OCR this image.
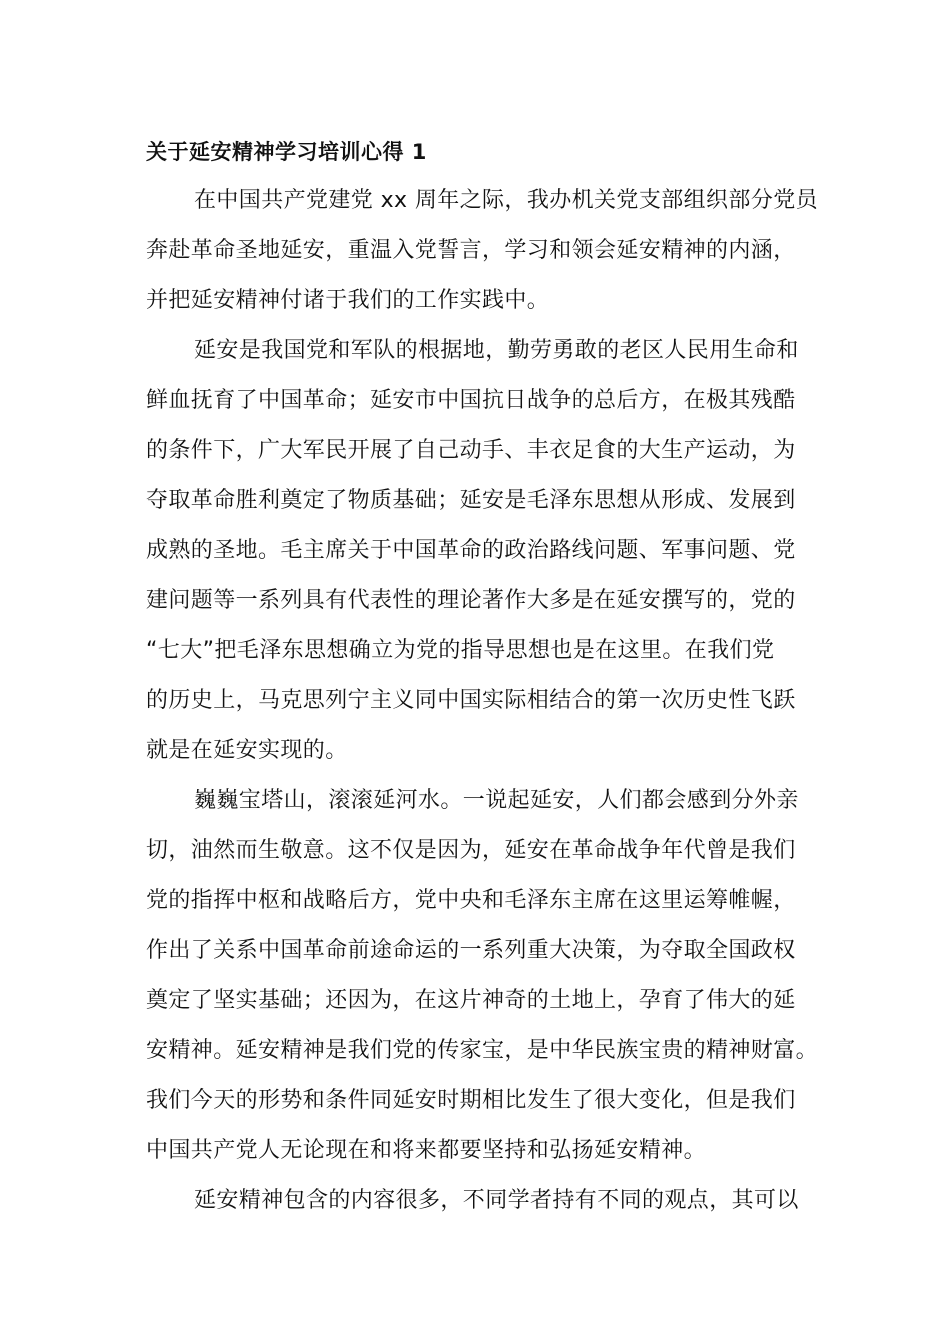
关于延安精神学习培训心得 1
在中国共产党建党 xx 周年之际，我办机关党支部组织部分党员
奔赴革命圣地延安，重温入党誓言，学习和领会延安精神的内涵，
并把延安精神付诸于我们的工作实践中。
延安是我国党和军队的根据地，勤劳勇敢的老区人民用生命和
鲜血抚育了中国革命；延安市中国抗日战争的总后方，在极其残酷
的条件下，广大军民开展了自己动手、丰衣足食的大生产运动，为
夺取革命胜利奠定了物质基础；延安是毛泽东思想从形成、发展到
成熟的圣地。毛主席关于中国革命的政治路线问题、军事问题、党
建问题等一系列具有代表性的理论著作大多是在延安撰写的，党的
“七大”把毛泽东思想确立为党的指导思想也是在这里。在我们党
的历史上，马克思列宁主义同中国实际相结合的第一次历史性飞跃
就是在延安实现的。
巍巍宝塔山，滚滚延河水。一说起延安，人们都会感到分外亲
切，油然而生敬意。这不仅是因为，延安在革命战争年代曾是我们
党的指挥中枢和战略后方，党中央和毛泽东主席在这里运筹帷幄，
作出了关系中国革命前途命运的一系列重大决策，为夺取全国政权
奠定了坚实基础；还因为，在这片神奇的土地上，孕育了伟大的延
安精神。延安精神是我们党的传家宝，是中华民族宝贵的精神财富。
我们今天的形势和条件同延安时期相比发生了很大变化，但是我们
中国共产党人无论现在和将来都要坚持和弘扬延安精神。
延安精神包含的内容很多，不同学者持有不同的观点，其可以
